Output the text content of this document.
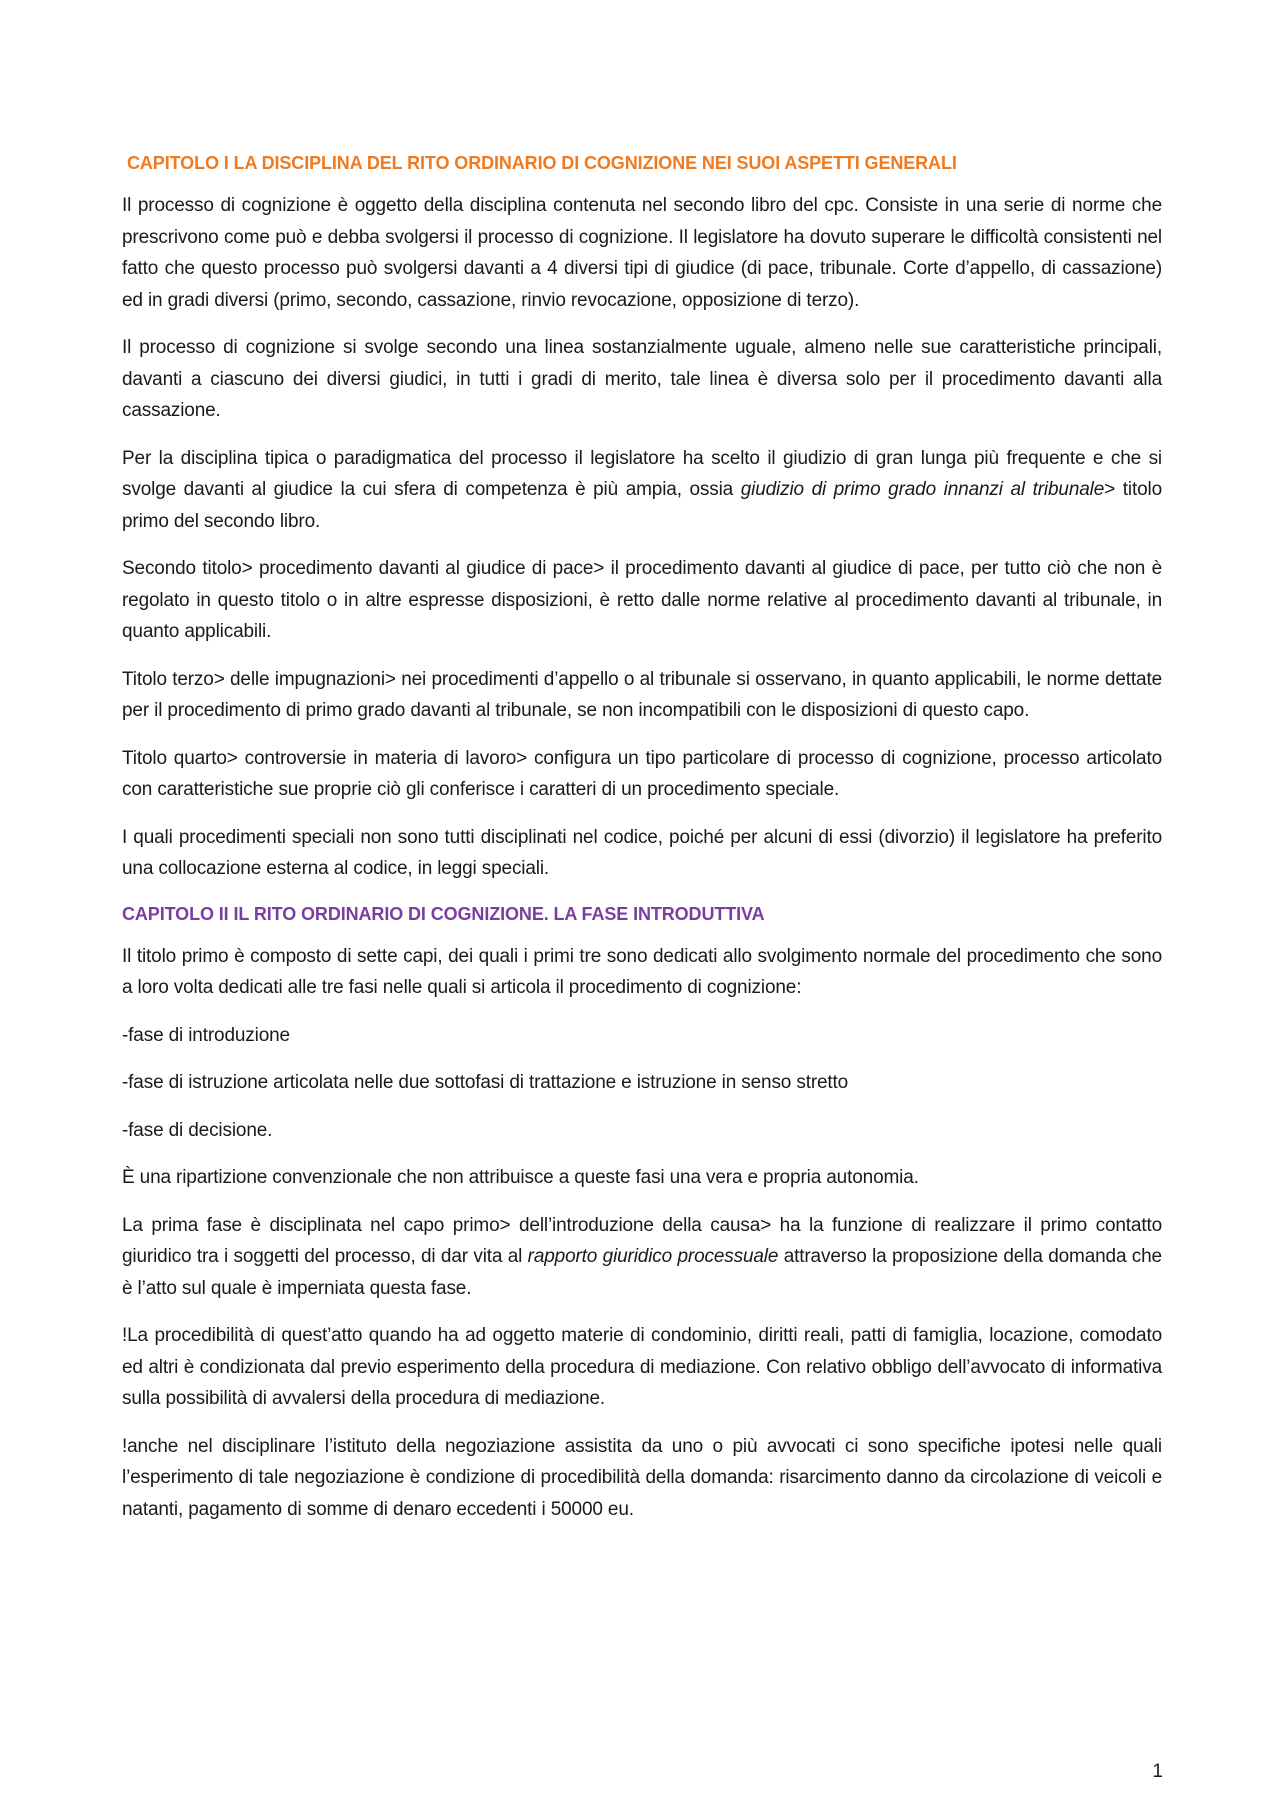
CAPITOLO I LA DISCIPLINA DEL RITO ORDINARIO DI COGNIZIONE NEI SUOI ASPETTI GENERALI

Il processo di cognizione è oggetto della disciplina contenuta nel secondo libro del cpc. Consiste in una serie di norme che prescrivono come può e debba svolgersi il processo di cognizione. Il legislatore ha dovuto superare le difficoltà consistenti nel fatto che questo processo può svolgersi davanti a 4 diversi tipi di giudice (di pace, tribunale. Corte d’appello, di cassazione) ed in gradi diversi (primo, secondo, cassazione, rinvio revocazione, opposizione di terzo).

Il processo di cognizione si svolge secondo una linea sostanzialmente uguale, almeno nelle sue caratteristiche principali, davanti a ciascuno dei diversi giudici, in tutti i gradi di merito, tale linea è diversa solo per il procedimento davanti alla cassazione.

Per la disciplina tipica o paradigmatica del processo il legislatore ha scelto il giudizio di gran lunga più frequente e che si svolge davanti al giudice la cui sfera di competenza è più ampia, ossia giudizio di primo grado innanzi al tribunale> titolo primo del secondo libro.

Secondo titolo> procedimento davanti al giudice di pace> il procedimento davanti al giudice di pace, per tutto ciò che non è regolato in questo titolo o in altre espresse disposizioni, è retto dalle norme relative al procedimento davanti al tribunale, in quanto applicabili.

Titolo terzo> delle impugnazioni> nei procedimenti d’appello o al tribunale si osservano, in quanto applicabili, le norme dettate per il procedimento di primo grado davanti al tribunale, se non incompatibili con le disposizioni di questo capo.

Titolo quarto> controversie in materia di lavoro> configura un tipo particolare di processo di cognizione, processo articolato con caratteristiche sue proprie ciò gli conferisce i caratteri di un procedimento speciale.

I quali procedimenti speciali non sono tutti disciplinati nel codice, poiché per alcuni di essi (divorzio) il legislatore ha preferito una collocazione esterna al codice, in leggi speciali.

CAPITOLO II IL RITO ORDINARIO DI COGNIZIONE. LA FASE INTRODUTTIVA

Il titolo primo è composto di sette capi, dei quali i primi tre sono dedicati allo svolgimento normale del procedimento che sono a loro volta dedicati alle tre fasi nelle quali si articola il procedimento di cognizione:

-fase di introduzione

-fase di istruzione articolata nelle due sottofasi di trattazione e istruzione in senso stretto

-fase di decisione.

È una ripartizione convenzionale che non attribuisce a queste fasi una vera e propria autonomia.

La prima fase è disciplinata nel capo primo> dell’introduzione della causa> ha la funzione di realizzare il primo contatto giuridico tra i soggetti del processo, di dar vita al rapporto giuridico processuale attraverso la proposizione della domanda che è l’atto sul quale è imperniata questa fase.

!La procedibilità di quest’atto quando ha ad oggetto materie di condominio, diritti reali, patti di famiglia, locazione, comodato ed altri è condizionata dal previo esperimento della procedura di mediazione. Con relativo obbligo dell’avvocato di informativa sulla possibilità di avvalersi della procedura di mediazione.

!anche nel disciplinare l’istituto della negoziazione assistita da uno o più avvocati ci sono specifiche ipotesi nelle quali l’esperimento di tale negoziazione è condizione di procedibilità della domanda: risarcimento danno da circolazione di veicoli e natanti, pagamento di somme di denaro eccedenti i 50000 eu.

1
